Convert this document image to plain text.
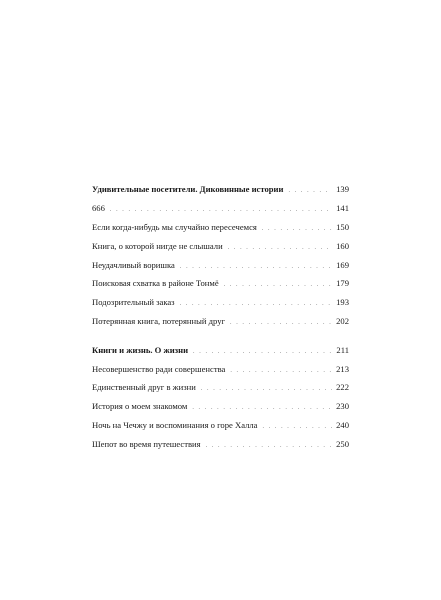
Удивительные посетители. Диковинные истории . . .	139
666 . . .	141
Если когда-нибудь мы случайно пересечемся . . .	150
Книга, о которой нигде не слышали . . .	160
Неудачливый воришка . . .	169
Поисковая схватка в районе Тонмё . . .	179
Подозрительный заказ . . .	193
Потерянная книга, потерянный друг . . .	202
Книги и жизнь. О жизни . . .	211
Несовершенство ради совершенства . . .	213
Единственный друг в жизни . . .	222
История о моем знакомом . . .	230
Ночь на Чечжу и воспоминания о горе Халла . . .	240
Шепот во время путешествия . . .	250
